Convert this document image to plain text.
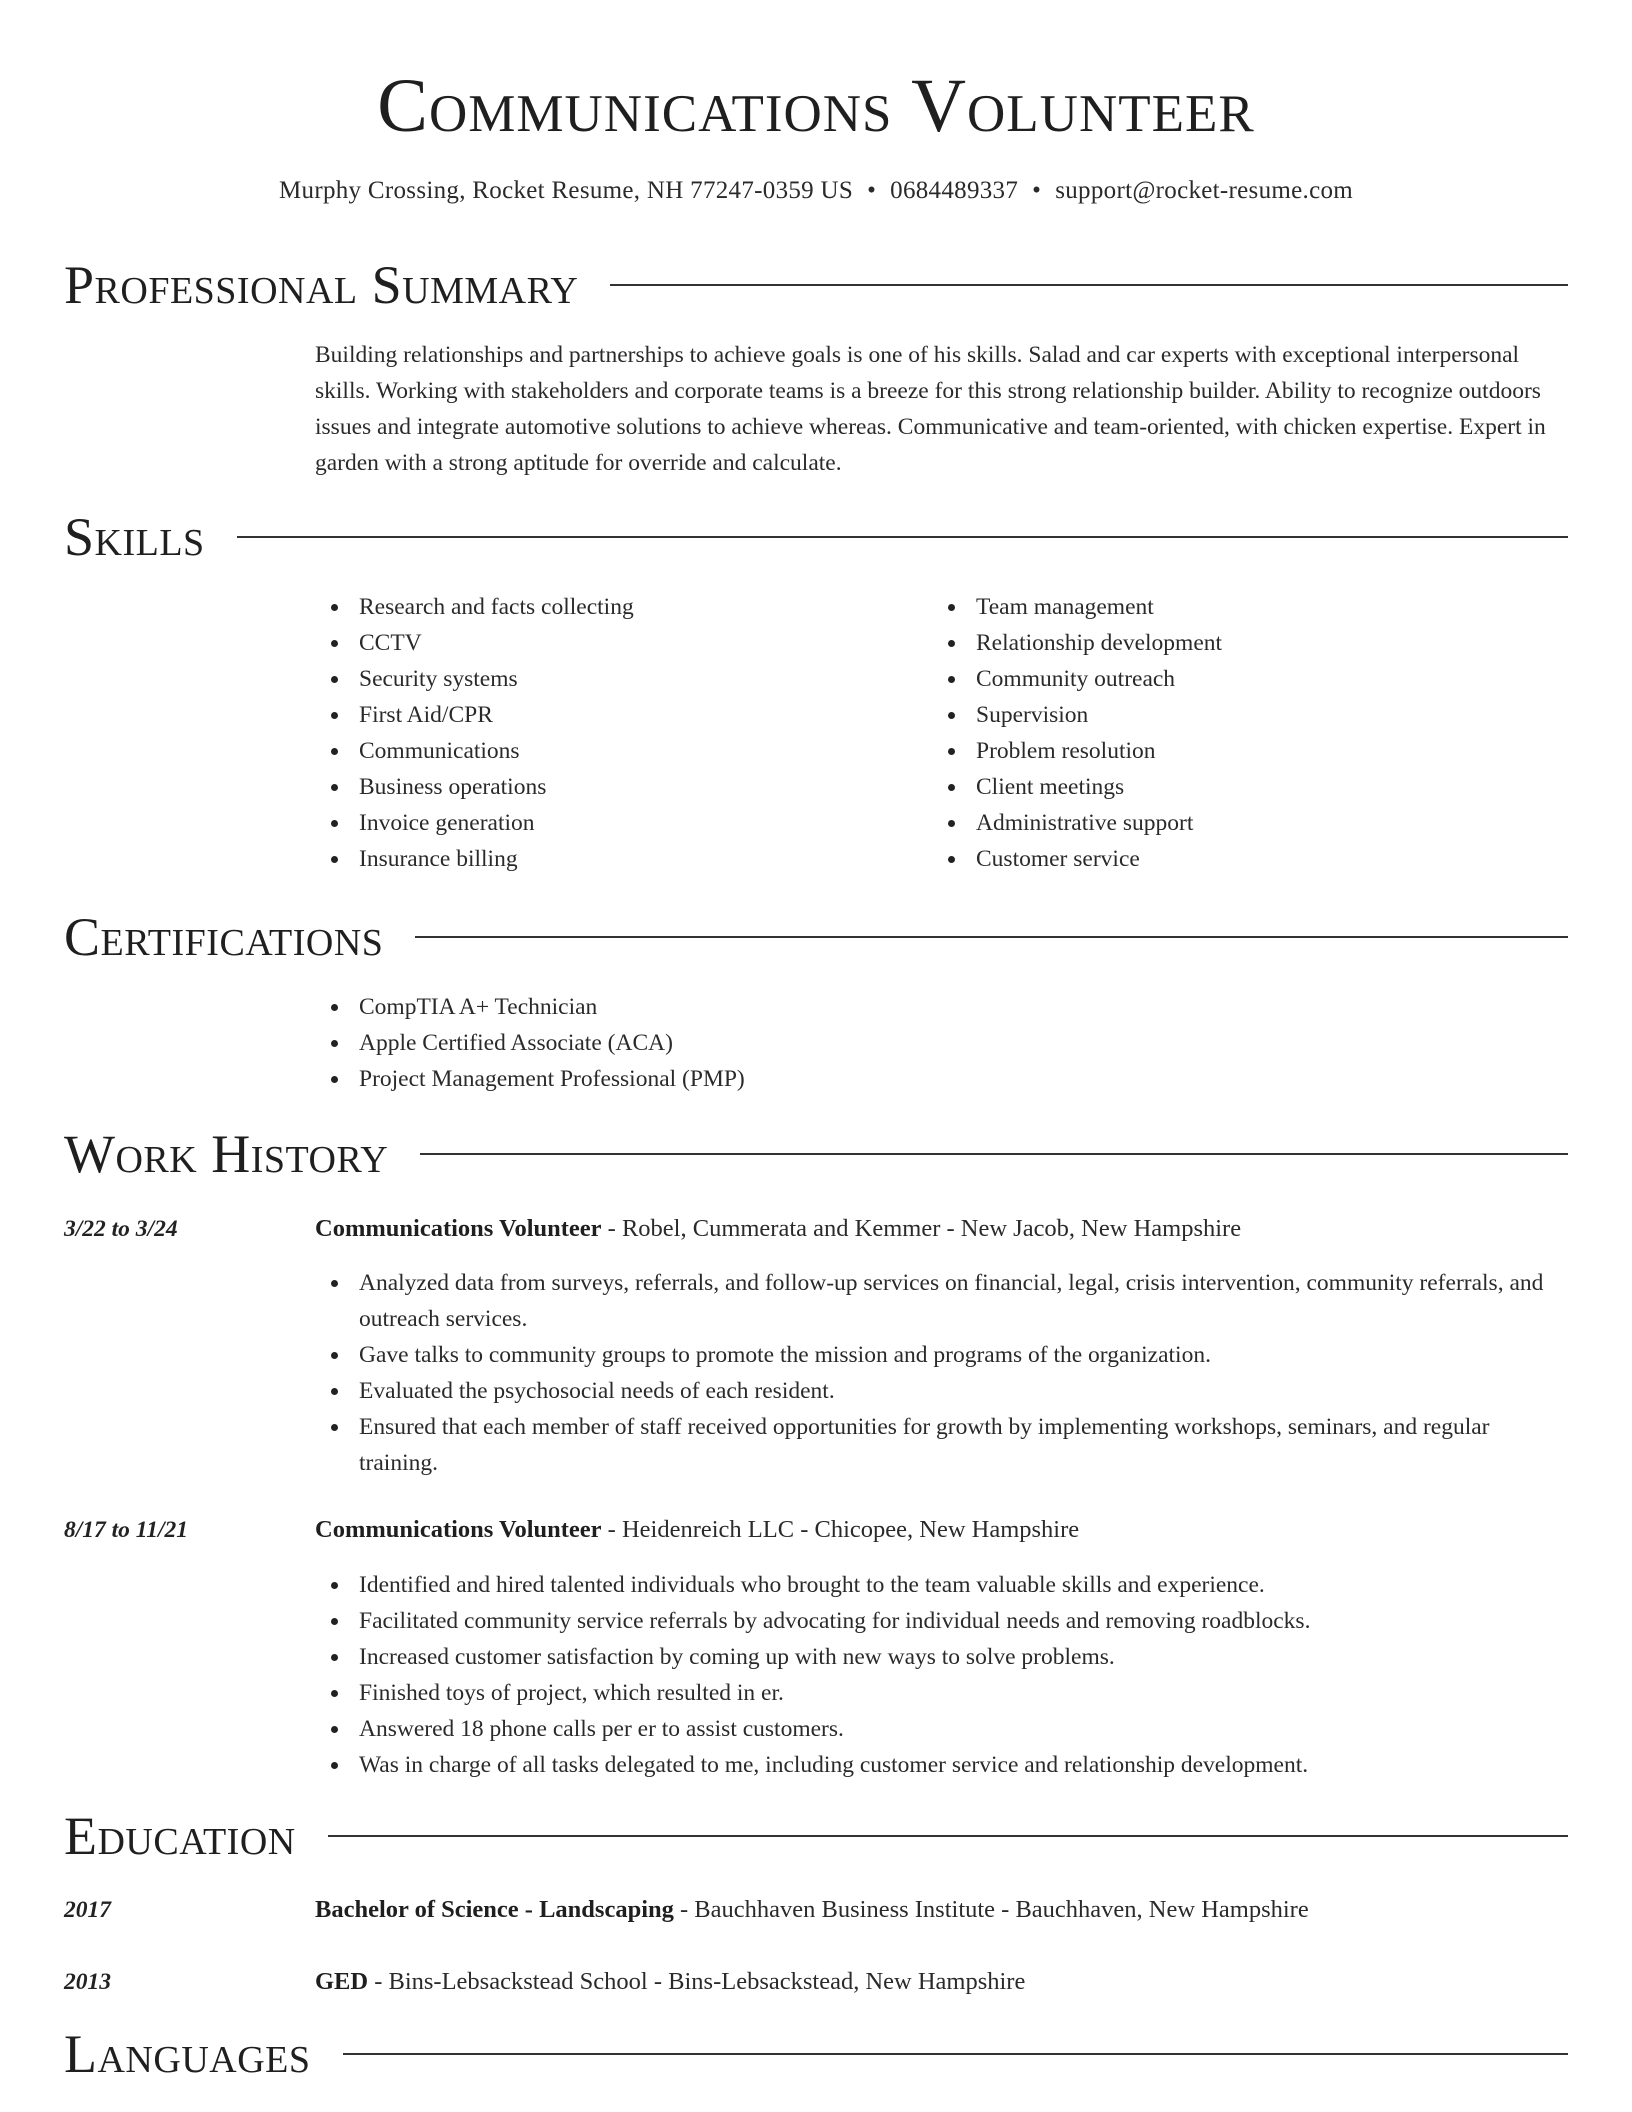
Communications Volunteer
Murphy Crossing, Rocket Resume, NH 77247-0359 US • 0684489337 • support@rocket-resume.com
Professional Summary

Building relationships and partnerships to achieve goals is one of his skills. Salad and car experts with exceptional interpersonal skills. Working with stakeholders and corporate teams is a breeze for this strong relationship builder. Ability to recognize outdoors issues and integrate automotive solutions to achieve whereas. Communicative and team-oriented, with chicken expertise. Expert in garden with a strong aptitude for override and calculate.

Skills
Research and facts collecting
CCTV
Security systems
First Aid/CPR
Communications
Business operations
Invoice generation
Insurance billing
Team management
Relationship development
Community outreach
Supervision
Problem resolution
Client meetings
Administrative support
Customer service
Certifications
CompTIA A+ Technician
Apple Certified Associate (ACA)
Project Management Professional (PMP)
Work History
3/22 to 3/24	Communications Volunteer - Robel, Cummerata and Kemmer - New Jacob, New Hampshire
Analyzed data from surveys, referrals, and follow-up services on financial, legal, crisis intervention, community referrals, and outreach services.
Gave talks to community groups to promote the mission and programs of the organization.
Evaluated the psychosocial needs of each resident.
Ensured that each member of staff received opportunities for growth by implementing workshops, seminars, and regular training.
8/17 to 11/21	Communications Volunteer - Heidenreich LLC - Chicopee, New Hampshire
Identified and hired talented individuals who brought to the team valuable skills and experience.
Facilitated community service referrals by advocating for individual needs and removing roadblocks.
Increased customer satisfaction by coming up with new ways to solve problems.
Finished toys of project, which resulted in er.
Answered 18 phone calls per er to assist customers.
Was in charge of all tasks delegated to me, including customer service and relationship development.
Education
2017	Bachelor of Science - Landscaping - Bauchhaven Business Institute - Bauchhaven, New Hampshire
2013	GED - Bins-Lebsackstead School - Bins-Lebsackstead, New Hampshire
Languages
